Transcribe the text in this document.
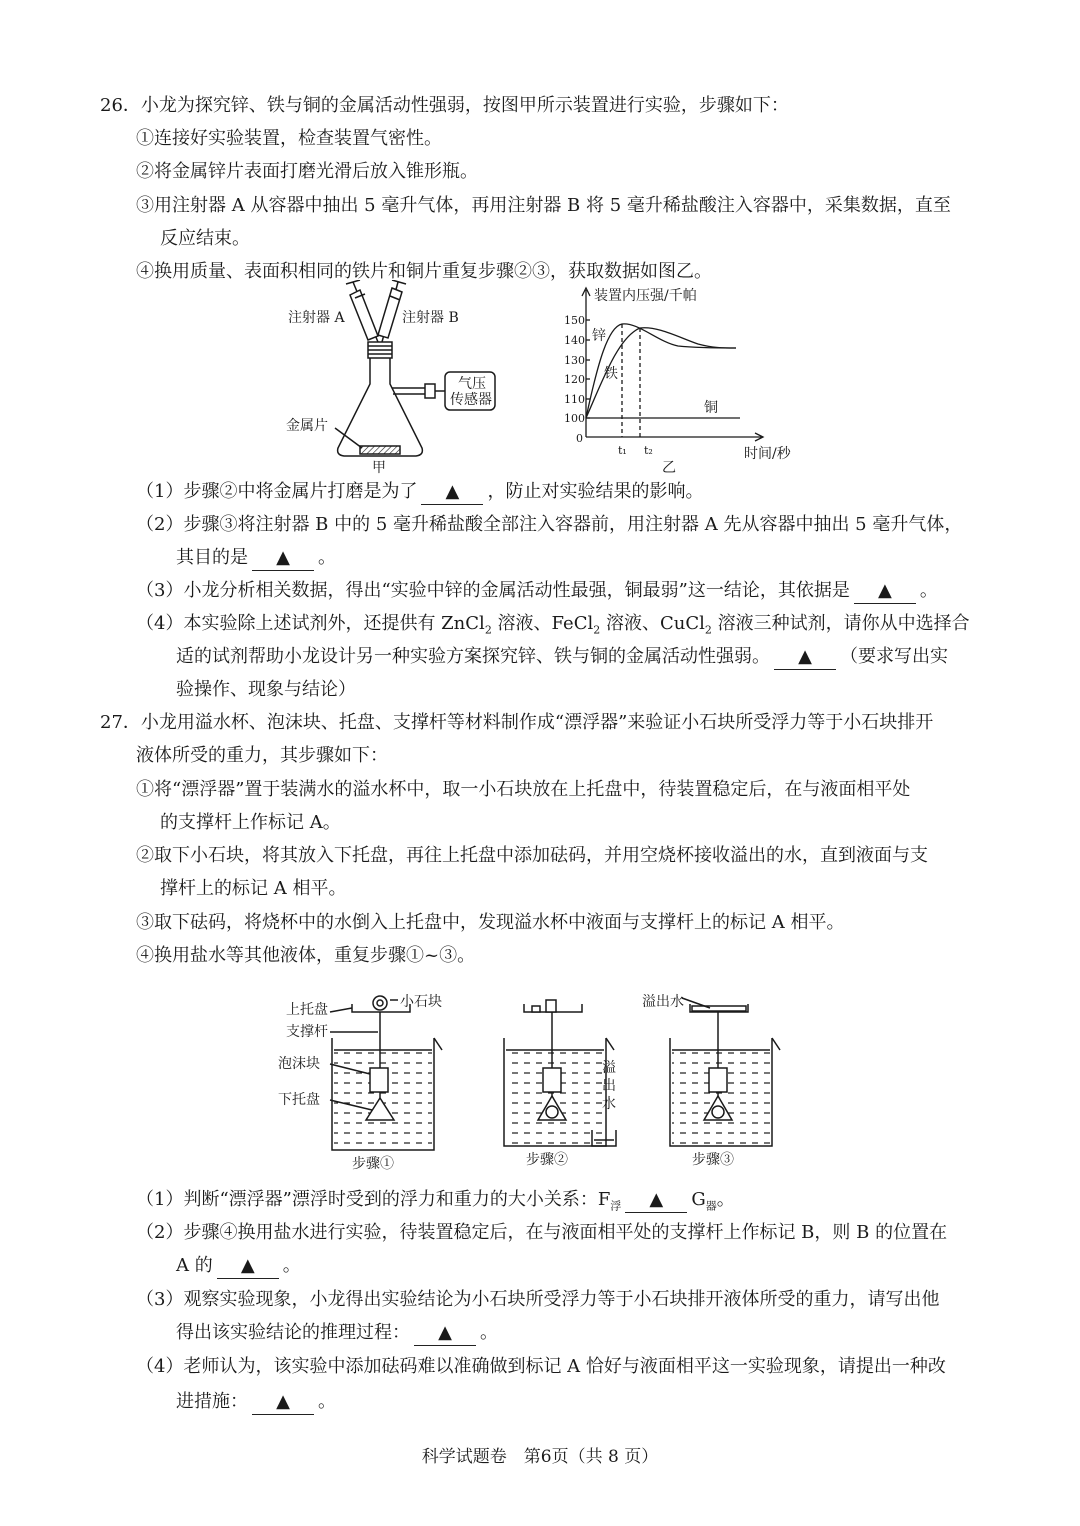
26．小龙为探究锌、铁与铜的金属活动性强弱，按图甲所示装置进行实验，步骤如下：
①连接好实验装置，检查装置气密性。
②将金属锌片表面打磨光滑后放入锥形瓶。
③用注射器 A 从容器中抽出 5 毫升气体，再用注射器 B 将 5 毫升稀盐酸注入容器中，采集数据，直至
反应结束。
④换用质量、表面积相同的铁片和铜片重复步骤②③，获取数据如图乙。
注射器 A	注射器 B
气压
传感器
金属片
甲
150
140
130
120
110
100
0
t₁ t₂
装置内压强/千帕
时间/秒
乙
锌
铁
铜
（1）步骤②中将金属片打磨是为了 ▲ ，防止对实验结果的影响。
（2）步骤③将注射器 B 中的 5 毫升稀盐酸全部注入容器前，用注射器 A 先从容器中抽出 5 毫升气体，
其目的是 ▲ 。
（3）小龙分析相关数据，得出“实验中锌的金属活动性最强，铜最弱”这一结论，其依据是 ▲ 。
（4）本实验除上述试剂外，还提供有 ZnCl$_2$ 溶液、FeCl$_2$ 溶液、CuCl$_2$ 溶液三种试剂，请你从中选择合
适的试剂帮助小龙设计另一种实验方案探究锌、铁与铜的金属活动性强弱。 ▲ （要求写出实
验操作、现象与结论）
27．小龙用溢水杯、泡沫块、托盘、支撑杆等材料制作成“漂浮器”来验证小石块所受浮力等于小石块排开
液体所受的重力，其步骤如下：
①将“漂浮器”置于装满水的溢水杯中，取一小石块放在上托盘中，待装置稳定后，在与液面相平处
的支撑杆上作标记 A。
②取下小石块，将其放入下托盘，再往上托盘中添加砝码，并用空烧杯接收溢出的水，直到液面与支
撑杆上的标记 A 相平。
③取下砝码，将烧杯中的水倒入上托盘中，发现溢水杯中液面与支撑杆上的标记 A 相平。
④换用盐水等其他液体，重复步骤①~③。
上托盘	小石块
支撑杆
泡沫块
下托盘
溢
出
水
溢出水
步骤①	步骤②	步骤③
（1）判断“漂浮器”漂浮时受到的浮力和重力的大小关系：$F_浮$ ▲ $G_器$。
（2）步骤④换用盐水进行实验，待装置稳定后，在与液面相平处的支撑杆上作标记 B，则 B 的位置在
A 的 ▲ 。
（3）观察实验现象，小龙得出实验结论为小石块所受浮力等于小石块排开液体所受的重力，请写出他
得出该实验结论的推理过程： ▲ 。
（4）老师认为，该实验中添加砝码难以准确做到标记 A 恰好与液面相平这一实验现象，请提出一种改
进措施： ▲ 。
科学试题卷　第6页（共 8 页）
